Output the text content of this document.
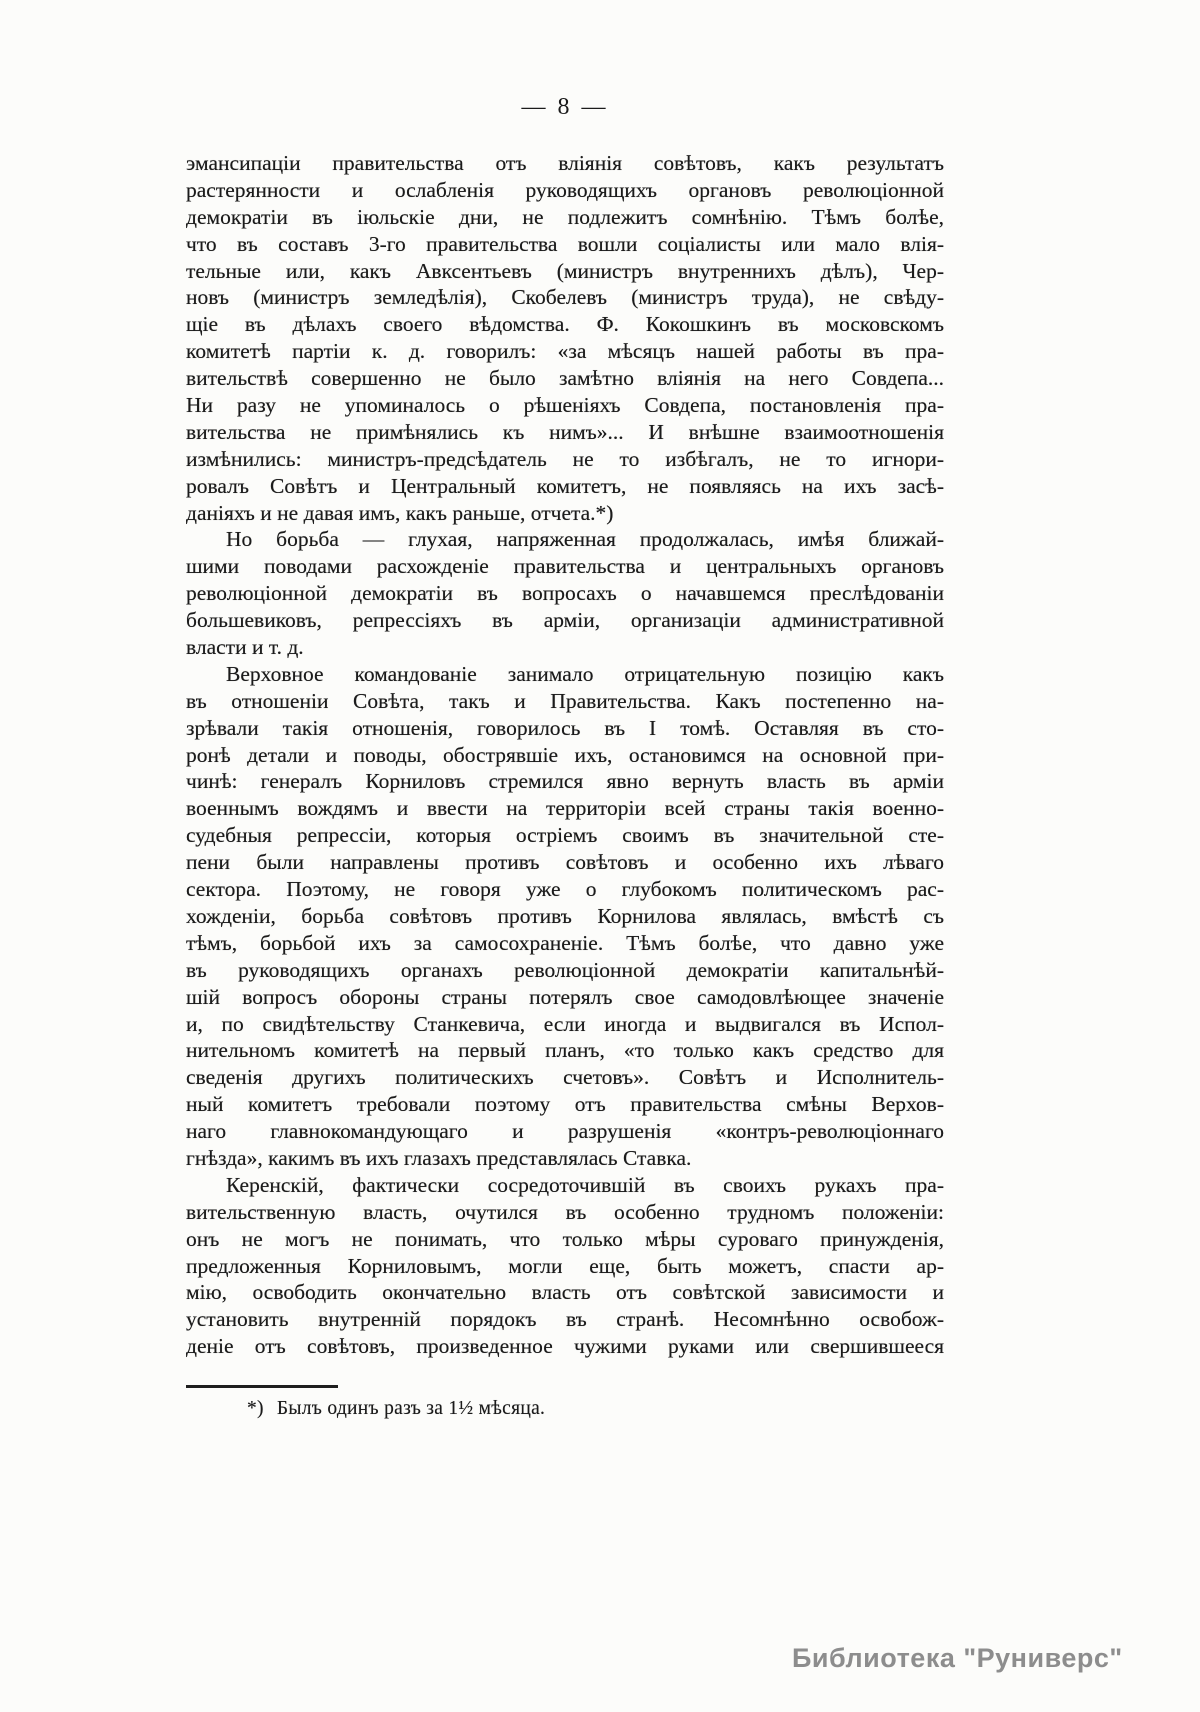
— 8 —
эмансипаціи правительства отъ вліянія совѣтовъ, какъ результатъ
растерянности и ослабленія руководящихъ органовъ революціонной
демократіи въ іюльскіе дни, не подлежитъ сомнѣнію. Тѣмъ болѣе,
что въ составъ 3-го правительства вошли соціалисты или мало влія-
тельные или, какъ Авксентьевъ (министръ внутреннихъ дѣлъ), Чер-
новъ (министръ земледѣлія), Скобелевъ (министръ труда), не свѣду-
щіе въ дѣлахъ своего вѣдомства. Ф. Кокошкинъ въ московскомъ
комитетѣ партіи к. д. говорилъ: «за мѣсяцъ нашей работы въ пра-
вительствѣ совершенно не было замѣтно вліянія на него Совдепа...
Ни разу не упоминалось о рѣшеніяхъ Совдепа, постановленія пра-
вительства не примѣнялись къ нимъ»... И внѣшне взаимоотношенія
измѣнились: министръ-предсѣдатель не то избѣгалъ, не то игнори-
ровалъ Совѣтъ и Центральный комитетъ, не появляясь на ихъ засѣ-
даніяхъ и не давая имъ, какъ раньше, отчета.*)
Но борьба — глухая, напряженная продолжалась, имѣя ближай-
шими поводами расхожденіе правительства и центральныхъ органовъ
революціонной демократіи въ вопросахъ о начавшемся преслѣдованіи
большевиковъ, репрессіяхъ въ арміи, организаціи административной
власти и т. д.
Верховное командованіе занимало отрицательную позицію какъ
въ отношеніи Совѣта, такъ и Правительства. Какъ постепенно на-
зрѣвали такія отношенія, говорилось въ I томѣ. Оставляя въ сто-
ронѣ детали и поводы, обострявшіе ихъ, остановимся на основной при-
чинѣ: генералъ Корниловъ стремился явно вернуть власть въ арміи
военнымъ вождямъ и ввести на территоріи всей страны такія военно-
судебныя репрессіи, которыя остріемъ своимъ въ значительной сте-
пени были направлены противъ совѣтовъ и особенно ихъ лѣваго
сектора. Поэтому, не говоря уже о глубокомъ политическомъ рас-
хожденіи, борьба совѣтовъ противъ Корнилова являлась, вмѣстѣ съ
тѣмъ, борьбой ихъ за самосохраненіе. Тѣмъ болѣе, что давно уже
въ руководящихъ органахъ революціонной демократіи капитальнѣй-
шій вопросъ обороны страны потерялъ свое самодовлѣющее значеніе
и, по свидѣтельству Станкевича, если иногда и выдвигался въ Испол-
нительномъ комитетѣ на первый планъ, «то только какъ средство для
сведенія другихъ политическихъ счетовъ». Совѣтъ и Исполнитель-
ный комитетъ требовали поэтому отъ правительства смѣны Верхов-
наго главнокомандующаго и разрушенія «контръ-революціоннаго
гнѣзда», какимъ въ ихъ глазахъ представлялась Ставка.
Керенскій, фактически сосредоточившій въ своихъ рукахъ пра-
вительственную власть, очутился въ особенно трудномъ положеніи:
онъ не могъ не понимать, что только мѣры суроваго принужденія,
предложенныя Корниловымъ, могли еще, быть можетъ, спасти ар-
мію, освободить окончательно власть отъ совѣтской зависимости и
установить внутренній порядокъ въ странѣ. Несомнѣнно освобож-
деніе отъ совѣтовъ, произведенное чужими руками или свершившееся
*) Былъ одинъ разъ за 1½ мѣсяца.
Библиотека "Руниверс"
